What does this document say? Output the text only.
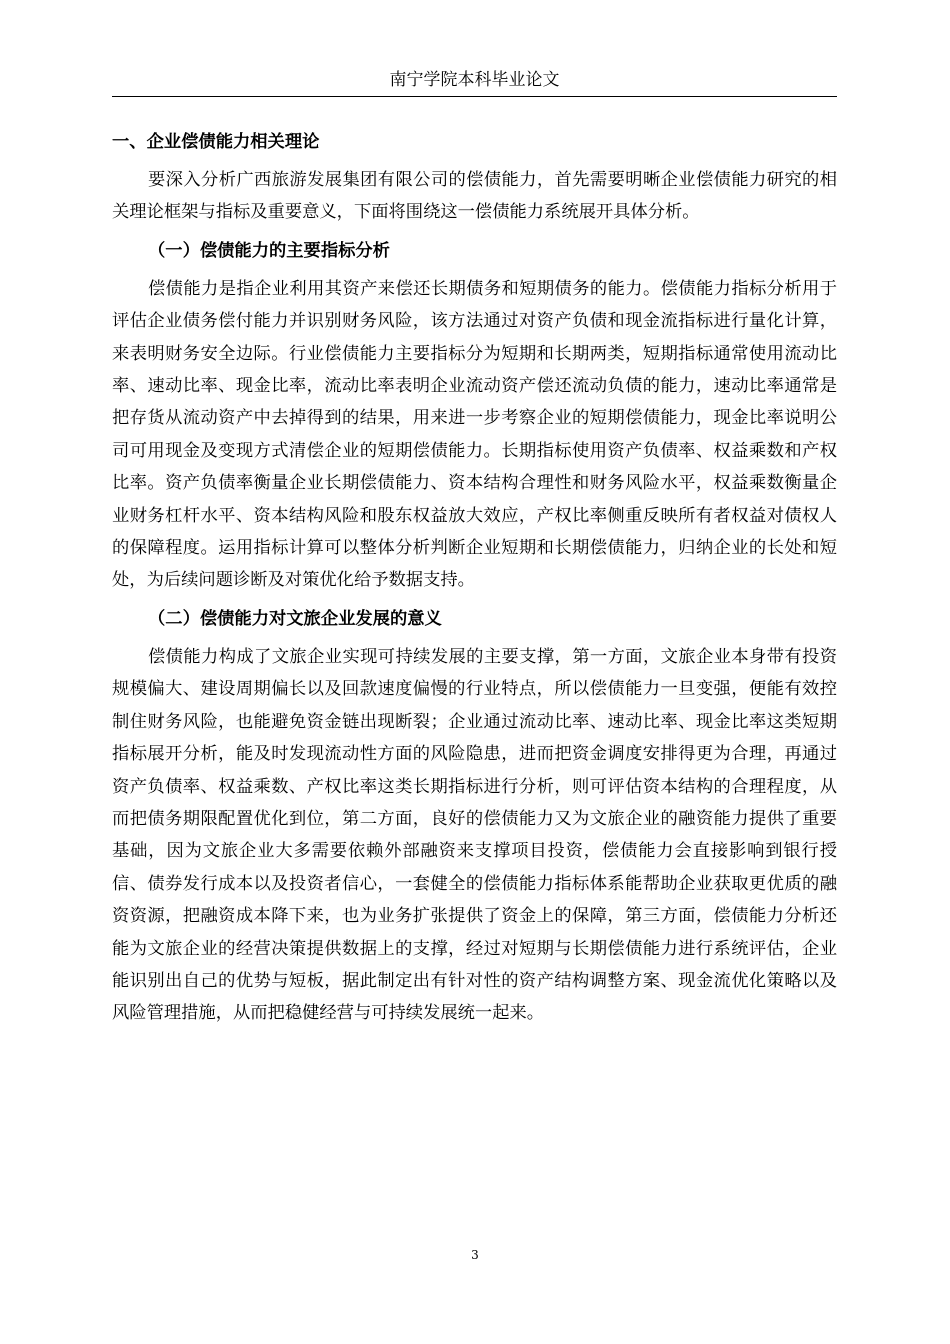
南宁学院本科毕业论文
一、企业偿债能力相关理论

要深入分析广西旅游发展集团有限公司的偿债能力，首先需要明晰企业偿债能力研究的相关理论框架与指标及重要意义，下面将围绕这一偿债能力系统展开具体分析。

（一）偿债能力的主要指标分析

偿债能力是指企业利用其资产来偿还长期债务和短期债务的能力。偿债能力指标分析用于评估企业债务偿付能力并识别财务风险，该方法通过对资产负债和现金流指标进行量化计算，来表明财务安全边际。行业偿债能力主要指标分为短期和长期两类，短期指标通常使用流动比率、速动比率、现金比率，流动比率表明企业流动资产偿还流动负债的能力，速动比率通常是把存货从流动资产中去掉得到的结果，用来进一步考察企业的短期偿债能力，现金比率说明公司可用现金及变现方式清偿企业的短期偿债能力。长期指标使用资产负债率、权益乘数和产权比率。资产负债率衡量企业长期偿债能力、资本结构合理性和财务风险水平，权益乘数衡量企业财务杠杆水平、资本结构风险和股东权益放大效应，产权比率侧重反映所有者权益对债权人的保障程度。运用指标计算可以整体分析判断企业短期和长期偿债能力，归纳企业的长处和短处，为后续问题诊断及对策优化给予数据支持。

（二）偿债能力对文旅企业发展的意义

偿债能力构成了文旅企业实现可持续发展的主要支撑，第一方面，文旅企业本身带有投资规模偏大、建设周期偏长以及回款速度偏慢的行业特点，所以偿债能力一旦变强，便能有效控制住财务风险，也能避免资金链出现断裂；企业通过流动比率、速动比率、现金比率这类短期指标展开分析，能及时发现流动性方面的风险隐患，进而把资金调度安排得更为合理，再通过资产负债率、权益乘数、产权比率这类长期指标进行分析，则可评估资本结构的合理程度，从而把债务期限配置优化到位，第二方面，良好的偿债能力又为文旅企业的融资能力提供了重要基础，因为文旅企业大多需要依赖外部融资来支撑项目投资，偿债能力会直接影响到银行授信、债券发行成本以及投资者信心，一套健全的偿债能力指标体系能帮助企业获取更优质的融资资源，把融资成本降下来，也为业务扩张提供了资金上的保障，第三方面，偿债能力分析还能为文旅企业的经营决策提供数据上的支撑，经过对短期与长期偿债能力进行系统评估，企业能识别出自己的优势与短板，据此制定出有针对性的资产结构调整方案、现金流优化策略以及风险管理措施，从而把稳健经营与可持续发展统一起来。

3
